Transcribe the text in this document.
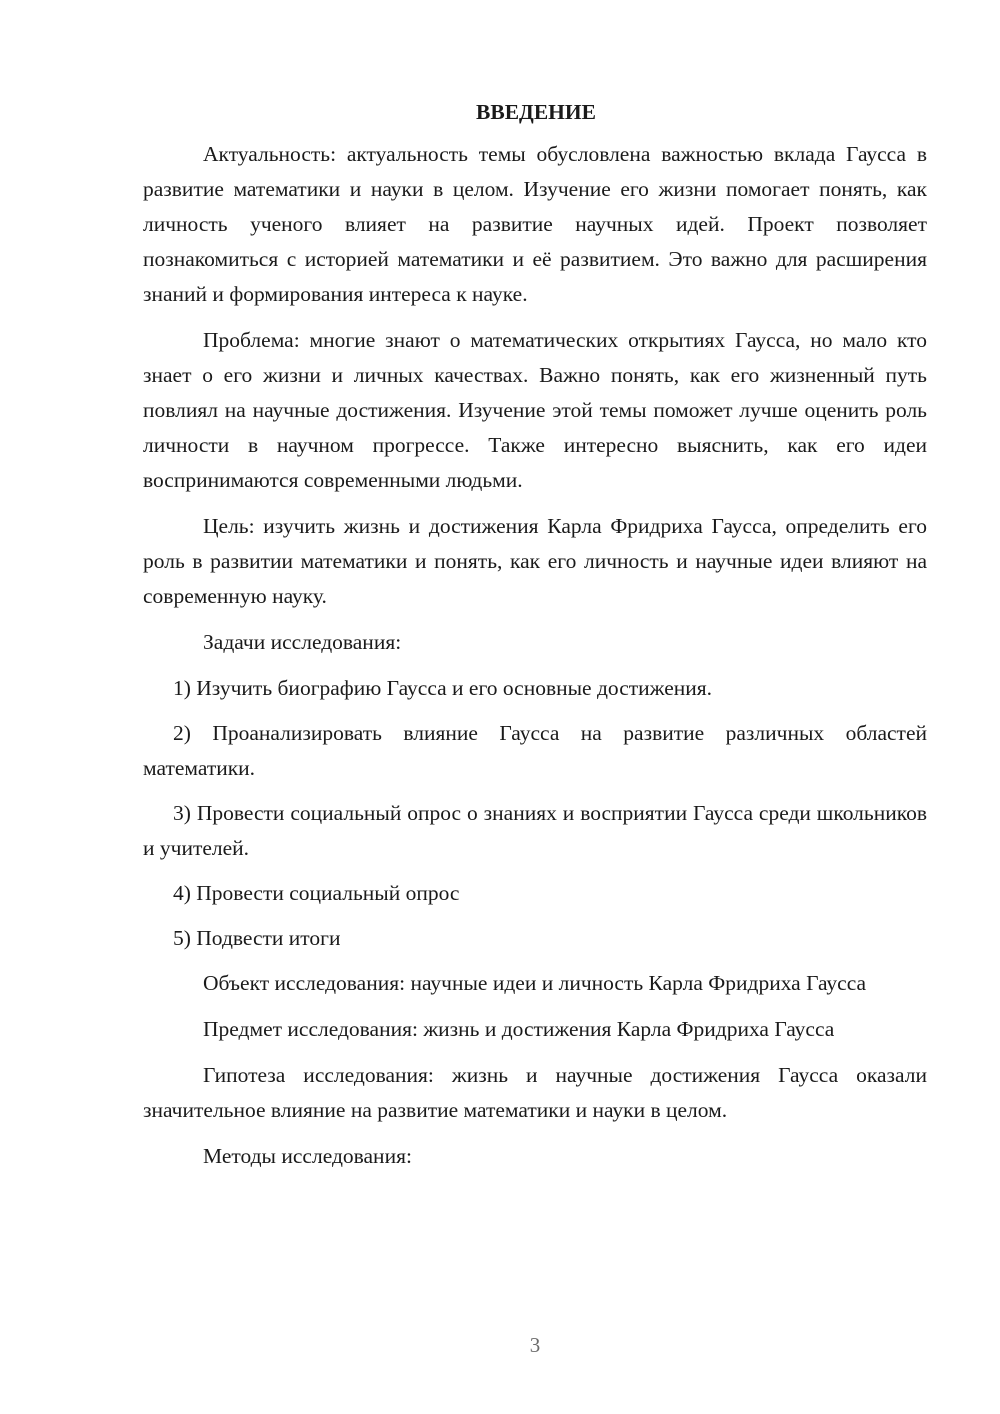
ВВЕДЕНИЕ

Актуальность: актуальность темы обусловлена важностью вклада Гаусса в развитие математики и науки в целом. Изучение его жизни помогает понять, как личность ученого влияет на развитие научных идей. Проект позволяет познакомиться с историей математики и её развитием. Это важно для расширения знаний и формирования интереса к науке.

Проблема: многие знают о математических открытиях Гаусса, но мало кто знает о его жизни и личных качествах. Важно понять, как его жизненный путь повлиял на научные достижения. Изучение этой темы поможет лучше оценить роль личности в научном прогрессе. Также интересно выяснить, как его идеи воспринимаются современными людьми.

Цель: изучить жизнь и достижения Карла Фридриха Гаусса, определить его роль в развитии математики и понять, как его личность и научные идеи влияют на современную науку.

Задачи исследования:

1) Изучить биографию Гаусса и его основные достижения.

2) Проанализировать влияние Гаусса на развитие различных областей математики.

3) Провести социальный опрос о знаниях и восприятии Гаусса среди школьников и учителей.

4) Провести социальный опрос

5) Подвести итоги

Объект исследования: научные идеи и личность Карла Фридриха Гаусса

Предмет исследования: жизнь и достижения Карла Фридриха Гаусса

Гипотеза исследования: жизнь и научные достижения Гаусса оказали значительное влияние на развитие математики и науки в целом.

Методы исследования:

3
